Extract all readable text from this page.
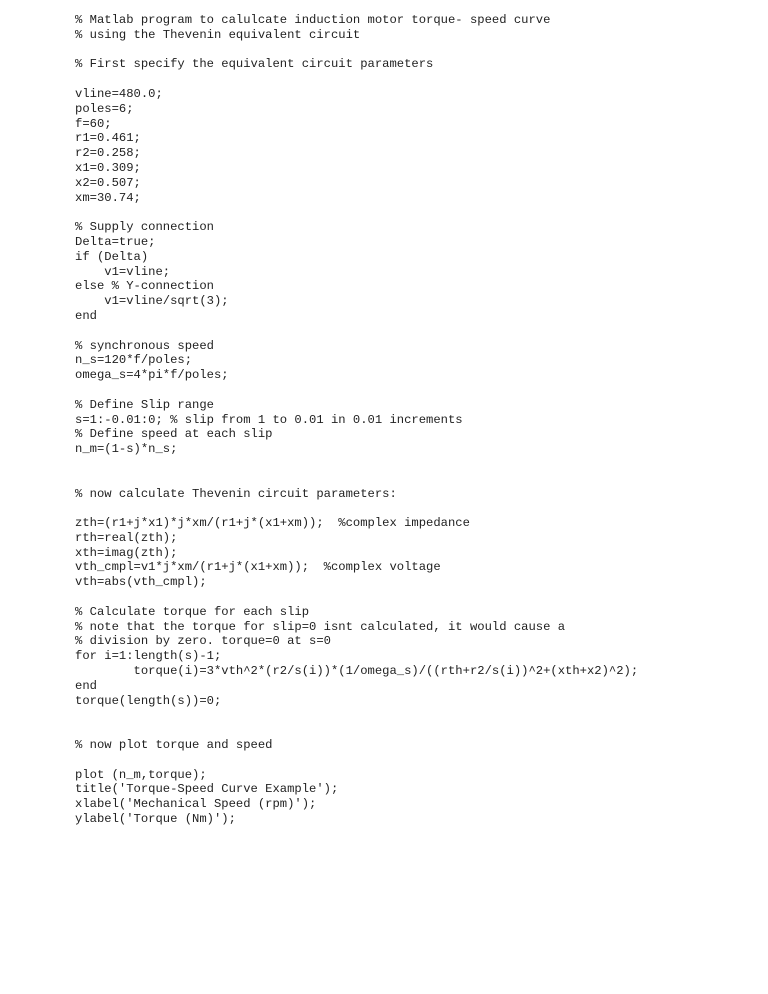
% Matlab program to calulcate induction motor torque- speed curve
% using the Thevenin equivalent circuit

% First specify the equivalent circuit parameters

vline=480.0;
poles=6;
f=60;
r1=0.461;
r2=0.258;
x1=0.309;
x2=0.507;
xm=30.74;

% Supply connection
Delta=true;
if (Delta)
v1=vline;
else % Y-connection
v1=vline/sqrt(3);
end

% synchronous speed
n_s=120*f/poles;
omega_s=4*pi*f/poles;

% Define Slip range
s=1:-0.01:0; % slip from 1 to 0.01 in 0.01 increments
% Define speed at each slip
n_m=(1-s)*n_s;

% now calculate Thevenin circuit parameters:

zth=(r1+j*x1)*j*xm/(r1+j*(x1+xm));  %complex impedance
rth=real(zth);
xth=imag(zth);
vth_cmpl=v1*j*xm/(r1+j*(x1+xm));  %complex voltage
vth=abs(vth_cmpl);

% Calculate torque for each slip
% note that the torque for slip=0 isnt calculated, it would cause a
% division by zero. torque=0 at s=0
for i=1:length(s)-1;
torque(i)=3*vth^2*(r2/s(i))*(1/omega_s)/((rth+r2/s(i))^2+(xth+x2)^2);
end
torque(length(s))=0;

% now plot torque and speed

plot (n_m,torque);
title('Torque-Speed Curve Example');
xlabel('Mechanical Speed (rpm)');
ylabel('Torque (Nm)');
